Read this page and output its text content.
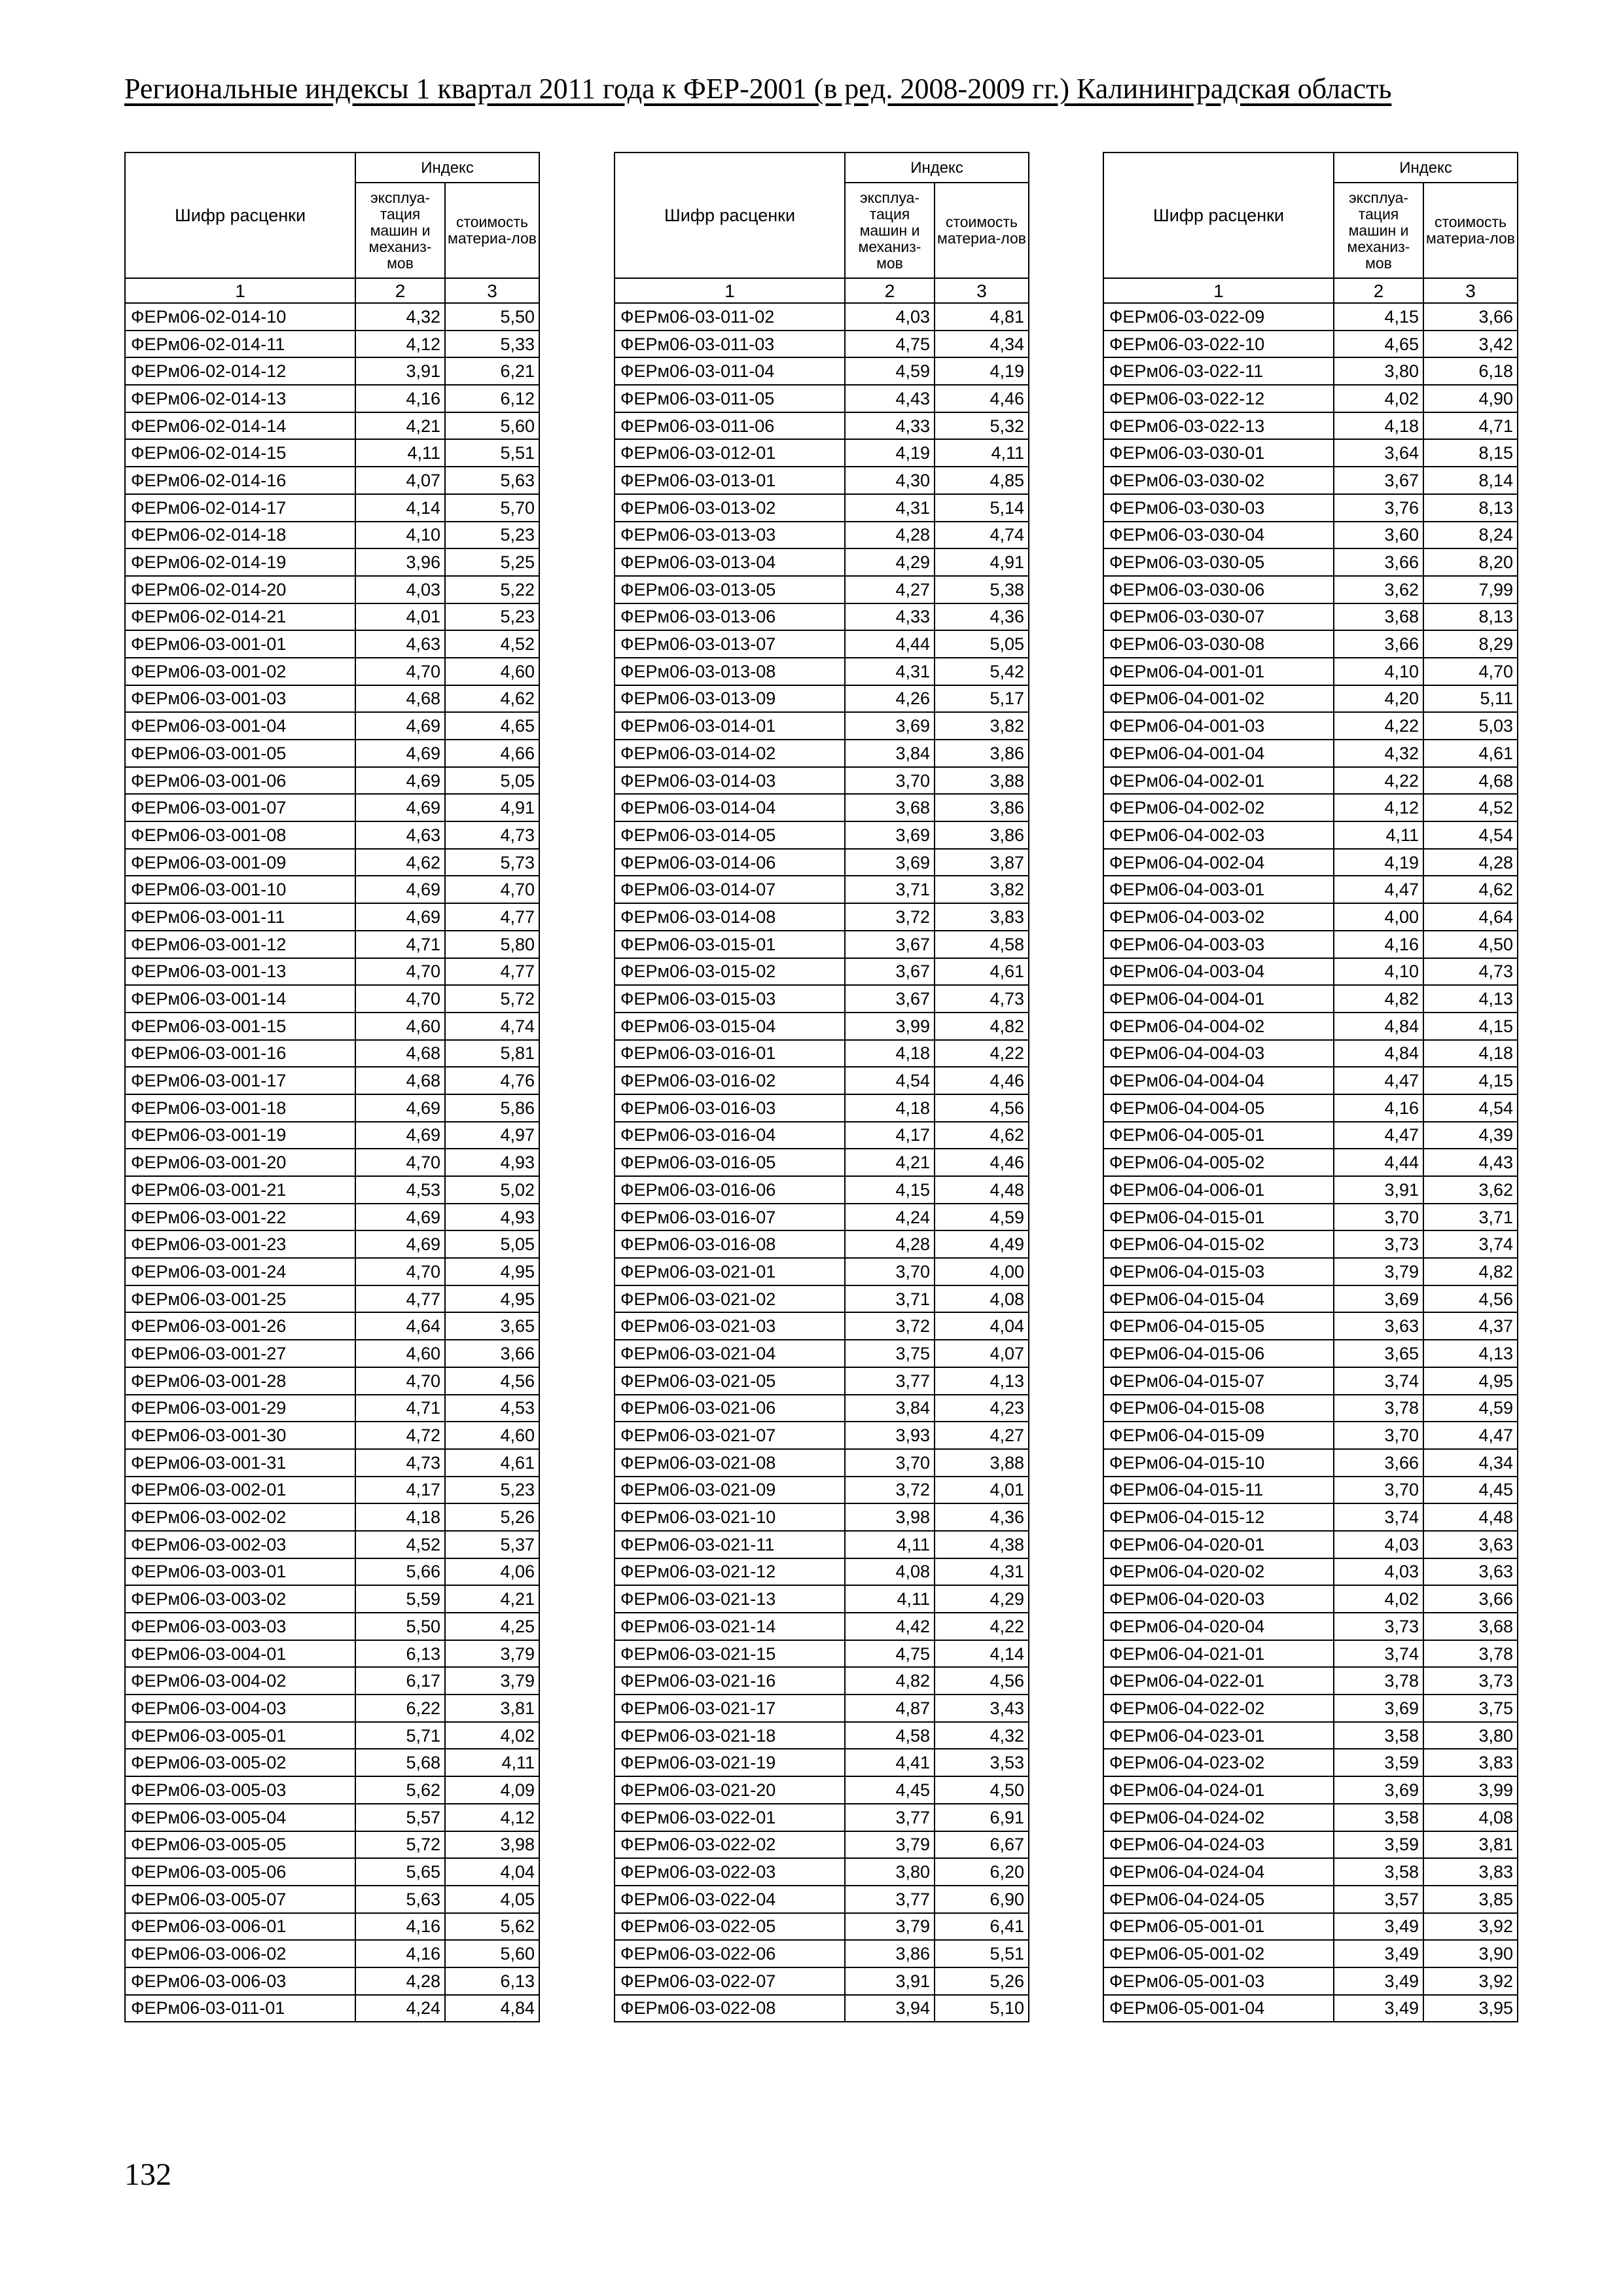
Региональные индексы 1 квартал 2011 года к ФЕР-2001 (в ред. 2008-2009 гг.) Калининградская область
Шифр расценки	Индекс	
	эксплуа-тация машин и механиз-мов	стоимость материа-лов
1	2	3
ФЕРм06-02-014-10	4,32	5,50
ФЕРм06-02-014-11	4,12	5,33
ФЕРм06-02-014-12	3,91	6,21
ФЕРм06-02-014-13	4,16	6,12
ФЕРм06-02-014-14	4,21	5,60
ФЕРм06-02-014-15	4,11	5,51
ФЕРм06-02-014-16	4,07	5,63
ФЕРм06-02-014-17	4,14	5,70
ФЕРм06-02-014-18	4,10	5,23
ФЕРм06-02-014-19	3,96	5,25
ФЕРм06-02-014-20	4,03	5,22
ФЕРм06-02-014-21	4,01	5,23
ФЕРм06-03-001-01	4,63	4,52
ФЕРм06-03-001-02	4,70	4,60
ФЕРм06-03-001-03	4,68	4,62
ФЕРм06-03-001-04	4,69	4,65
ФЕРм06-03-001-05	4,69	4,66
ФЕРм06-03-001-06	4,69	5,05
ФЕРм06-03-001-07	4,69	4,91
ФЕРм06-03-001-08	4,63	4,73
ФЕРм06-03-001-09	4,62	5,73
ФЕРм06-03-001-10	4,69	4,70
ФЕРм06-03-001-11	4,69	4,77
ФЕРм06-03-001-12	4,71	5,80
ФЕРм06-03-001-13	4,70	4,77
ФЕРм06-03-001-14	4,70	5,72
ФЕРм06-03-001-15	4,60	4,74
ФЕРм06-03-001-16	4,68	5,81
ФЕРм06-03-001-17	4,68	4,76
ФЕРм06-03-001-18	4,69	5,86
ФЕРм06-03-001-19	4,69	4,97
ФЕРм06-03-001-20	4,70	4,93
ФЕРм06-03-001-21	4,53	5,02
ФЕРм06-03-001-22	4,69	4,93
ФЕРм06-03-001-23	4,69	5,05
ФЕРм06-03-001-24	4,70	4,95
ФЕРм06-03-001-25	4,77	4,95
ФЕРм06-03-001-26	4,64	3,65
ФЕРм06-03-001-27	4,60	3,66
ФЕРм06-03-001-28	4,70	4,56
ФЕРм06-03-001-29	4,71	4,53
ФЕРм06-03-001-30	4,72	4,60
ФЕРм06-03-001-31	4,73	4,61
ФЕРм06-03-002-01	4,17	5,23
ФЕРм06-03-002-02	4,18	5,26
ФЕРм06-03-002-03	4,52	5,37
ФЕРм06-03-003-01	5,66	4,06
ФЕРм06-03-003-02	5,59	4,21
ФЕРм06-03-003-03	5,50	4,25
ФЕРм06-03-004-01	6,13	3,79
ФЕРм06-03-004-02	6,17	3,79
ФЕРм06-03-004-03	6,22	3,81
ФЕРм06-03-005-01	5,71	4,02
ФЕРм06-03-005-02	5,68	4,11
ФЕРм06-03-005-03	5,62	4,09
ФЕРм06-03-005-04	5,57	4,12
ФЕРм06-03-005-05	5,72	3,98
ФЕРм06-03-005-06	5,65	4,04
ФЕРм06-03-005-07	5,63	4,05
ФЕРм06-03-006-01	4,16	5,62
ФЕРм06-03-006-02	4,16	5,60
ФЕРм06-03-006-03	4,28	6,13
ФЕРм06-03-011-01	4,24	4,84
Шифр расценки	Индекс	
	эксплуа-тация машин и механиз-мов	стоимость материа-лов
1	2	3
ФЕРм06-03-011-02	4,03	4,81
ФЕРм06-03-011-03	4,75	4,34
ФЕРм06-03-011-04	4,59	4,19
ФЕРм06-03-011-05	4,43	4,46
ФЕРм06-03-011-06	4,33	5,32
ФЕРм06-03-012-01	4,19	4,11
ФЕРм06-03-013-01	4,30	4,85
ФЕРм06-03-013-02	4,31	5,14
ФЕРм06-03-013-03	4,28	4,74
ФЕРм06-03-013-04	4,29	4,91
ФЕРм06-03-013-05	4,27	5,38
ФЕРм06-03-013-06	4,33	4,36
ФЕРм06-03-013-07	4,44	5,05
ФЕРм06-03-013-08	4,31	5,42
ФЕРм06-03-013-09	4,26	5,17
ФЕРм06-03-014-01	3,69	3,82
ФЕРм06-03-014-02	3,84	3,86
ФЕРм06-03-014-03	3,70	3,88
ФЕРм06-03-014-04	3,68	3,86
ФЕРм06-03-014-05	3,69	3,86
ФЕРм06-03-014-06	3,69	3,87
ФЕРм06-03-014-07	3,71	3,82
ФЕРм06-03-014-08	3,72	3,83
ФЕРм06-03-015-01	3,67	4,58
ФЕРм06-03-015-02	3,67	4,61
ФЕРм06-03-015-03	3,67	4,73
ФЕРм06-03-015-04	3,99	4,82
ФЕРм06-03-016-01	4,18	4,22
ФЕРм06-03-016-02	4,54	4,46
ФЕРм06-03-016-03	4,18	4,56
ФЕРм06-03-016-04	4,17	4,62
ФЕРм06-03-016-05	4,21	4,46
ФЕРм06-03-016-06	4,15	4,48
ФЕРм06-03-016-07	4,24	4,59
ФЕРм06-03-016-08	4,28	4,49
ФЕРм06-03-021-01	3,70	4,00
ФЕРм06-03-021-02	3,71	4,08
ФЕРм06-03-021-03	3,72	4,04
ФЕРм06-03-021-04	3,75	4,07
ФЕРм06-03-021-05	3,77	4,13
ФЕРм06-03-021-06	3,84	4,23
ФЕРм06-03-021-07	3,93	4,27
ФЕРм06-03-021-08	3,70	3,88
ФЕРм06-03-021-09	3,72	4,01
ФЕРм06-03-021-10	3,98	4,36
ФЕРм06-03-021-11	4,11	4,38
ФЕРм06-03-021-12	4,08	4,31
ФЕРм06-03-021-13	4,11	4,29
ФЕРм06-03-021-14	4,42	4,22
ФЕРм06-03-021-15	4,75	4,14
ФЕРм06-03-021-16	4,82	4,56
ФЕРм06-03-021-17	4,87	3,43
ФЕРм06-03-021-18	4,58	4,32
ФЕРм06-03-021-19	4,41	3,53
ФЕРм06-03-021-20	4,45	4,50
ФЕРм06-03-022-01	3,77	6,91
ФЕРм06-03-022-02	3,79	6,67
ФЕРм06-03-022-03	3,80	6,20
ФЕРм06-03-022-04	3,77	6,90
ФЕРм06-03-022-05	3,79	6,41
ФЕРм06-03-022-06	3,86	5,51
ФЕРм06-03-022-07	3,91	5,26
ФЕРм06-03-022-08	3,94	5,10
Шифр расценки	Индекс	
	эксплуа-тация машин и механиз-мов	стоимость материа-лов
1	2	3
ФЕРм06-03-022-09	4,15	3,66
ФЕРм06-03-022-10	4,65	3,42
ФЕРм06-03-022-11	3,80	6,18
ФЕРм06-03-022-12	4,02	4,90
ФЕРм06-03-022-13	4,18	4,71
ФЕРм06-03-030-01	3,64	8,15
ФЕРм06-03-030-02	3,67	8,14
ФЕРм06-03-030-03	3,76	8,13
ФЕРм06-03-030-04	3,60	8,24
ФЕРм06-03-030-05	3,66	8,20
ФЕРм06-03-030-06	3,62	7,99
ФЕРм06-03-030-07	3,68	8,13
ФЕРм06-03-030-08	3,66	8,29
ФЕРм06-04-001-01	4,10	4,70
ФЕРм06-04-001-02	4,20	5,11
ФЕРм06-04-001-03	4,22	5,03
ФЕРм06-04-001-04	4,32	4,61
ФЕРм06-04-002-01	4,22	4,68
ФЕРм06-04-002-02	4,12	4,52
ФЕРм06-04-002-03	4,11	4,54
ФЕРм06-04-002-04	4,19	4,28
ФЕРм06-04-003-01	4,47	4,62
ФЕРм06-04-003-02	4,00	4,64
ФЕРм06-04-003-03	4,16	4,50
ФЕРм06-04-003-04	4,10	4,73
ФЕРм06-04-004-01	4,82	4,13
ФЕРм06-04-004-02	4,84	4,15
ФЕРм06-04-004-03	4,84	4,18
ФЕРм06-04-004-04	4,47	4,15
ФЕРм06-04-004-05	4,16	4,54
ФЕРм06-04-005-01	4,47	4,39
ФЕРм06-04-005-02	4,44	4,43
ФЕРм06-04-006-01	3,91	3,62
ФЕРм06-04-015-01	3,70	3,71
ФЕРм06-04-015-02	3,73	3,74
ФЕРм06-04-015-03	3,79	4,82
ФЕРм06-04-015-04	3,69	4,56
ФЕРм06-04-015-05	3,63	4,37
ФЕРм06-04-015-06	3,65	4,13
ФЕРм06-04-015-07	3,74	4,95
ФЕРм06-04-015-08	3,78	4,59
ФЕРм06-04-015-09	3,70	4,47
ФЕРм06-04-015-10	3,66	4,34
ФЕРм06-04-015-11	3,70	4,45
ФЕРм06-04-015-12	3,74	4,48
ФЕРм06-04-020-01	4,03	3,63
ФЕРм06-04-020-02	4,03	3,63
ФЕРм06-04-020-03	4,02	3,66
ФЕРм06-04-020-04	3,73	3,68
ФЕРм06-04-021-01	3,74	3,78
ФЕРм06-04-022-01	3,78	3,73
ФЕРм06-04-022-02	3,69	3,75
ФЕРм06-04-023-01	3,58	3,80
ФЕРм06-04-023-02	3,59	3,83
ФЕРм06-04-024-01	3,69	3,99
ФЕРм06-04-024-02	3,58	4,08
ФЕРм06-04-024-03	3,59	3,81
ФЕРм06-04-024-04	3,58	3,83
ФЕРм06-04-024-05	3,57	3,85
ФЕРм06-05-001-01	3,49	3,92
ФЕРм06-05-001-02	3,49	3,90
ФЕРм06-05-001-03	3,49	3,92
ФЕРм06-05-001-04	3,49	3,95
132
